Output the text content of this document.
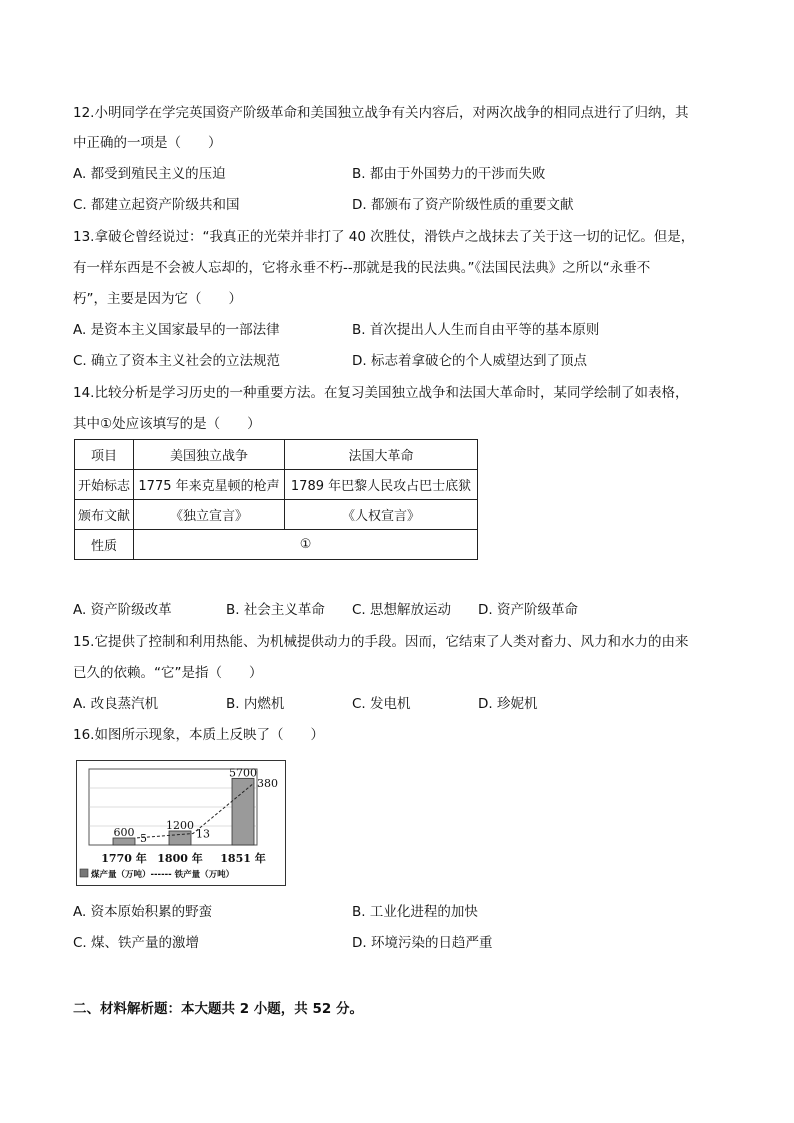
12.小明同学在学完英国资产阶级革命和美国独立战争有关内容后，对两次战争的相同点进行了归纳，其
中正确的一项是（　　）
A. 都受到殖民主义的压迫	B. 都由于外国势力的干涉而失败
C. 都建立起资产阶级共和国	D. 都颁布了资产阶级性质的重要文献
13.拿破仑曾经说过：“我真正的光荣并非打了 40 次胜仗，滑铁卢之战抹去了关于这一切的记忆。但是，
有一样东西是不会被人忘却的，它将永垂不朽--那就是我的民法典。”《法国民法典》之所以“永垂不
朽”，主要是因为它（　　）
A. 是资本主义国家最早的一部法律	B. 首次提出人人生而自由平等的基本原则
C. 确立了资本主义社会的立法规范	D. 标志着拿破仑的个人威望达到了顶点
14.比较分析是学习历史的一种重要方法。在复习美国独立战争和法国大革命时，某同学绘制了如表格，
其中①处应该填写的是（　　）
项目	美国独立战争	法国大革命
开始标志	1775 年来克星顿的枪声	1789 年巴黎人民攻占巴士底狱
颁布文献	《独立宣言》	《人权宣言》
性质	①	
A. 资产阶级改革	B. 社会主义革命 C. 思想解放运动 D. 资产阶级革命
15.它提供了控制和利用热能、为机械提供动力的手段。因而，它结束了人类对畜力、风力和水力的由来
已久的依赖。“它”是指（　　）
A. 改良蒸汽机	B. 内燃机	C. 发电机	D. 珍妮机
16.如图所示现象，本质上反映了（　　）
600
1770 年
1200
1800 年
5700
1851 年
5	13
380
煤产量（万吨）------ 铁产量（万吨）
A. 资本原始积累的野蛮	B. 工业化进程的加快
C. 煤、铁产量的激增	D. 环境污染的日趋严重
二、材料解析题：本大题共 2 小题，共 52 分。
